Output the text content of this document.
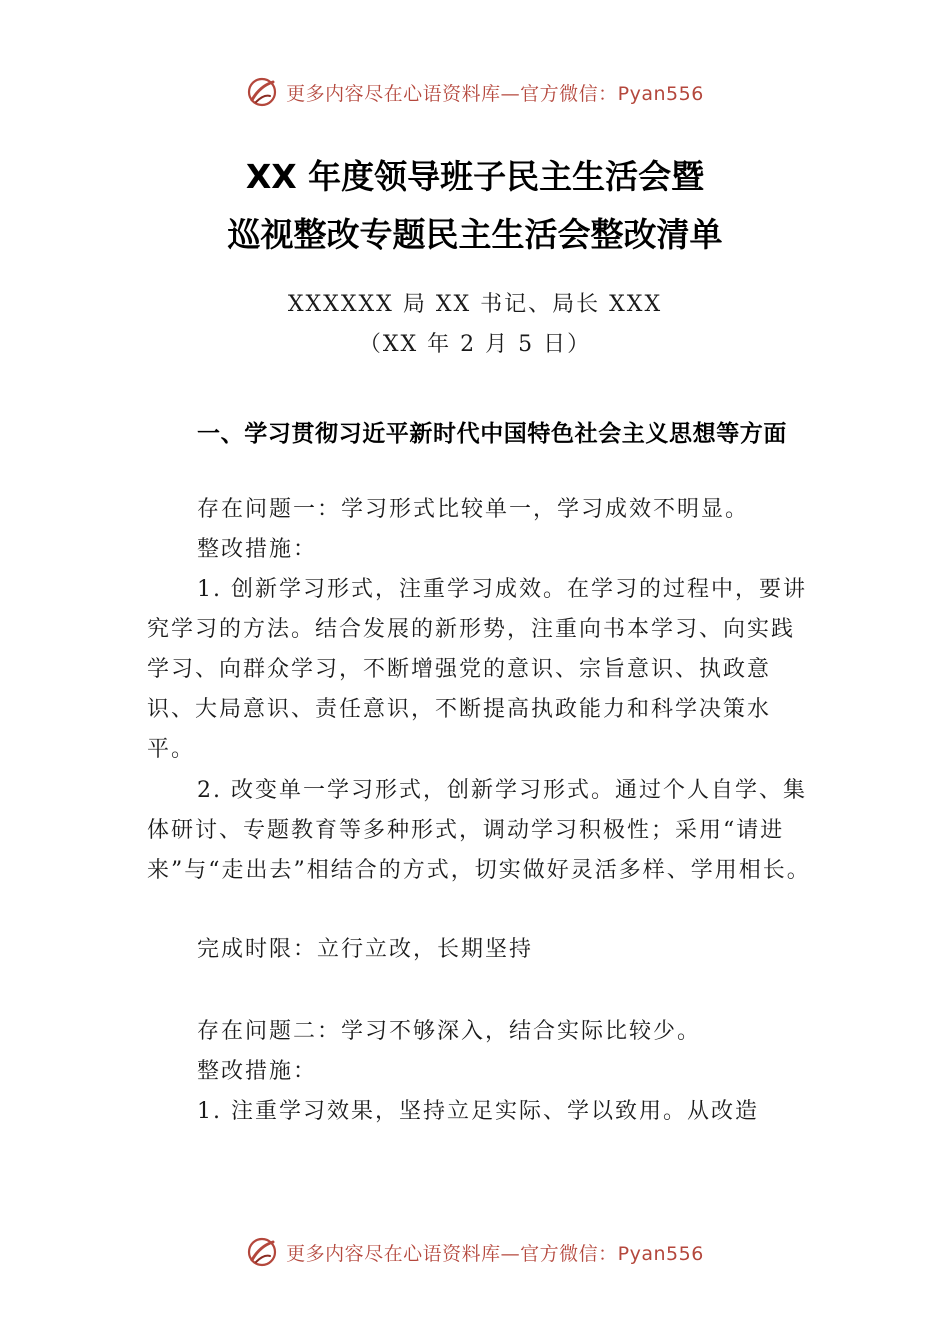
更多内容尽在心语资料库—官方微信：Pyan556
XX 年度领导班子民主生活会暨
巡视整改专题民主生活会整改清单
XXXXXX 局 XX 书记、局长 XXX
（XX 年 2 月 5 日）
一、学习贯彻习近平新时代中国特色社会主义思想等方面
存在问题一：学习形式比较单一，学习成效不明显。
整改措施：
1. 创新学习形式，注重学习成效。在学习的过程中，要讲究学习的方法。结合发展的新形势，注重向书本学习、向实践学习、向群众学习，不断增强党的意识、宗旨意识、执政意识、大局意识、责任意识，不断提高执政能力和科学决策水平。
2. 改变单一学习形式，创新学习形式。通过个人自学、集体研讨、专题教育等多种形式，调动学习积极性；采用“请进来”与“走出去”相结合的方式，切实做好灵活多样、学用相长。
完成时限：立行立改，长期坚持
存在问题二：学习不够深入，结合实际比较少。
整改措施：
1. 注重学习效果，坚持立足实际、学以致用。从改造
更多内容尽在心语资料库—官方微信：Pyan556
